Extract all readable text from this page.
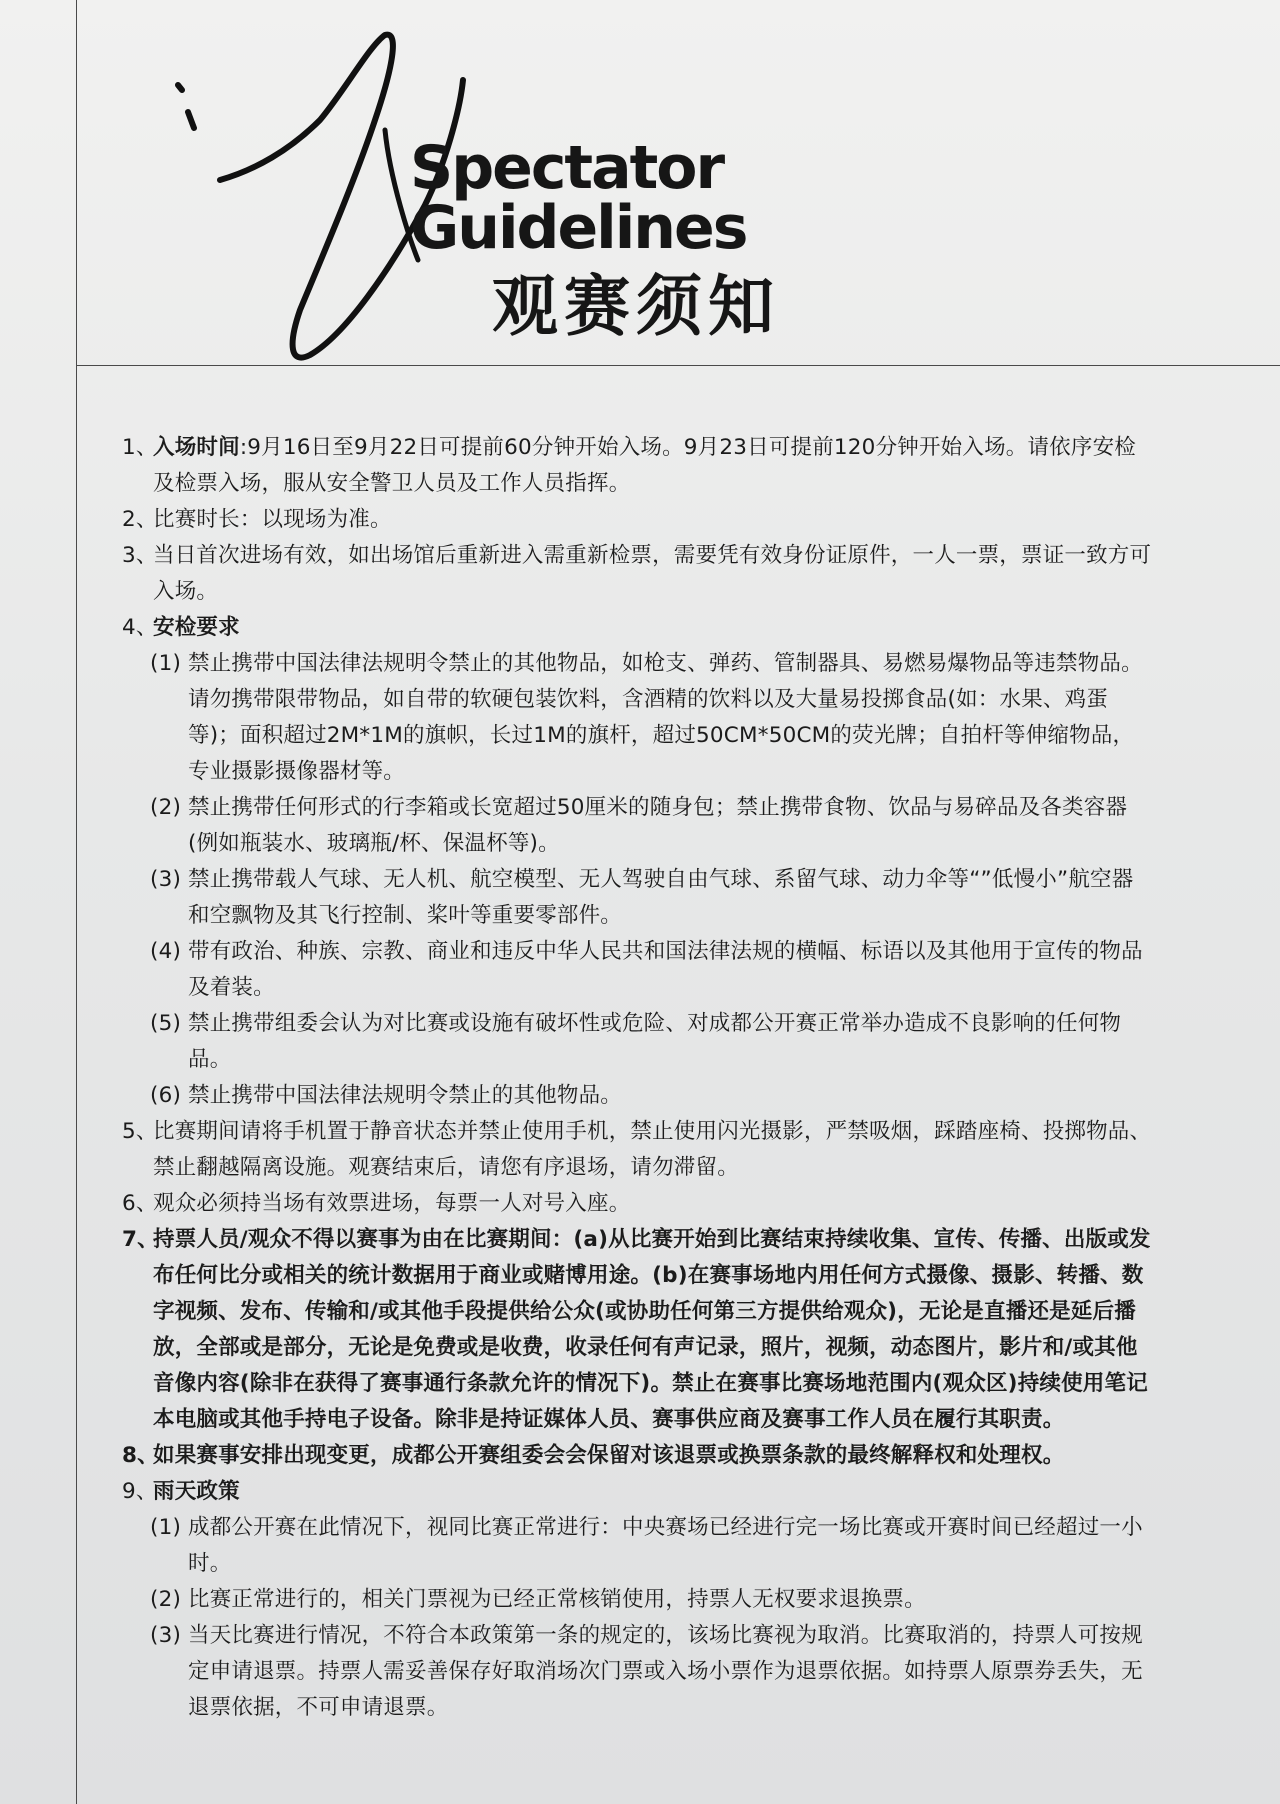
Spectator
Guidelines
观赛须知
1、
入场时间:9月16日至9月22日可提前60分钟开始入场。9月23日可提前120分钟开始入场。请依序安检及检票入场，服从安全警卫人员及工作人员指挥。
2、
比赛时长：以现场为准。
3、
当日首次进场有效，如出场馆后重新进入需重新检票，需要凭有效身份证原件，一人一票，票证一致方可入场。
4、
安检要求
(1) 禁止携带中国法律法规明令禁止的其他物品，如枪支、弹药、管制器具、易燃易爆物品等违禁物品。请勿携带限带物品，如自带的软硬包装饮料，含酒精的饮料以及大量易投掷食品(如：水果、鸡蛋等)；面积超过2M*1M的旗帜，长过1M的旗杆，超过50CM*50CM的荧光牌；自拍杆等伸缩物品，专业摄影摄像器材等。
(2) 禁止携带任何形式的行李箱或长宽超过50厘米的随身包；禁止携带食物、饮品与易碎品及各类容器(例如瓶装水、玻璃瓶/杯、保温杯等)。
(3) 禁止携带载人气球、无人机、航空模型、无人驾驶自由气球、系留气球、动力伞等“”低慢小”航空器和空飘物及其飞行控制、桨叶等重要零部件。
(4) 带有政治、种族、宗教、商业和违反中华人民共和国法律法规的横幅、标语以及其他用于宣传的物品及着装。
(5) 禁止携带组委会认为对比赛或设施有破坏性或危险、对成都公开赛正常举办造成不良影响的任何物品。
(6) 禁止携带中国法律法规明令禁止的其他物品。
5、
比赛期间请将手机置于静音状态并禁止使用手机，禁止使用闪光摄影，严禁吸烟，踩踏座椅、投掷物品、禁止翻越隔离设施。观赛结束后，请您有序退场，请勿滞留。
6、
观众必须持当场有效票进场，每票一人对号入座。
7、
持票人员/观众不得以赛事为由在比赛期间：(a)从比赛开始到比赛结束持续收集、宣传、传播、出版或发布任何比分或相关的统计数据用于商业或赌博用途。(b)在赛事场地内用任何方式摄像、摄影、转播、数字视频、发布、传输和/或其他手段提供给公众(或协助任何第三方提供给观众)，无论是直播还是延后播放，全部或是部分，无论是免费或是收费，收录任何有声记录，照片，视频，动态图片，影片和/或其他音像内容(除非在获得了赛事通行条款允许的情况下)。禁止在赛事比赛场地范围内(观众区)持续使用笔记本电脑或其他手持电子设备。除非是持证媒体人员、赛事供应商及赛事工作人员在履行其职责。
8、
如果赛事安排出现变更，成都公开赛组委会会保留对该退票或换票条款的最终解释权和处理权。
9、
雨天政策
(1) 成都公开赛在此情况下，视同比赛正常进行：中央赛场已经进行完一场比赛或开赛时间已经超过一小时。
(2) 比赛正常进行的，相关门票视为已经正常核销使用，持票人无权要求退换票。
(3) 当天比赛进行情况，不符合本政策第一条的规定的，该场比赛视为取消。比赛取消的，持票人可按规定申请退票。持票人需妥善保存好取消场次门票或入场小票作为退票依据。如持票人原票券丢失，无退票依据，不可申请退票。
